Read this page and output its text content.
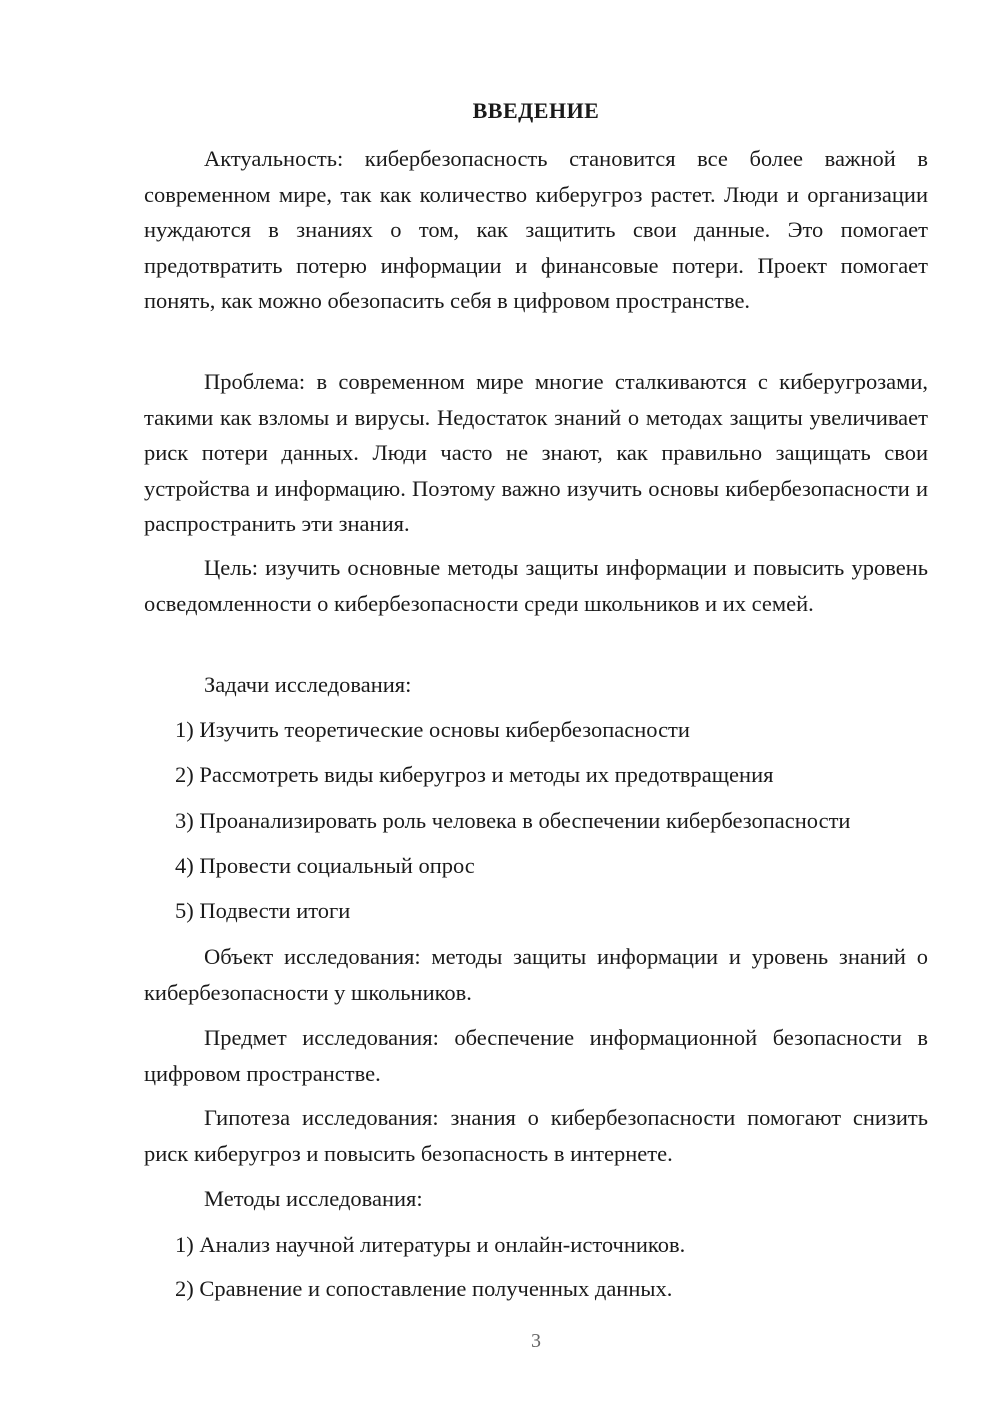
ВВЕДЕНИЕ

Актуальность: кибербезопасность становится все более важной в современном мире, так как количество киберугроз растет. Люди и организации нуждаются в знаниях о том, как защитить свои данные. Это помогает предотвратить потерю информации и финансовые потери. Проект помогает понять, как можно обезопасить себя в цифровом пространстве.

Проблема: в современном мире многие сталкиваются с киберугрозами, такими как взломы и вирусы. Недостаток знаний о методах защиты увеличивает риск потери данных. Люди часто не знают, как правильно защищать свои устройства и информацию. Поэтому важно изучить основы кибербезопасности и распространить эти знания.

Цель: изучить основные методы защиты информации и повысить уровень осведомленности о кибербезопасности среди школьников и их семей.

Задачи исследования:

1) Изучить теоретические основы кибербезопасности

2) Рассмотреть виды киберугроз и методы их предотвращения

3) Проанализировать роль человека в обеспечении кибербезопасности

4) Провести социальный опрос

5) Подвести итоги

Объект исследования: методы защиты информации и уровень знаний о кибербезопасности у школьников.

Предмет исследования: обеспечение информационной безопасности в цифровом пространстве.

Гипотеза исследования: знания о кибербезопасности помогают снизить риск киберугроз и повысить безопасность в интернете.

Методы исследования:

1) Анализ научной литературы и онлайн-источников.

2) Сравнение и сопоставление полученных данных.

3
